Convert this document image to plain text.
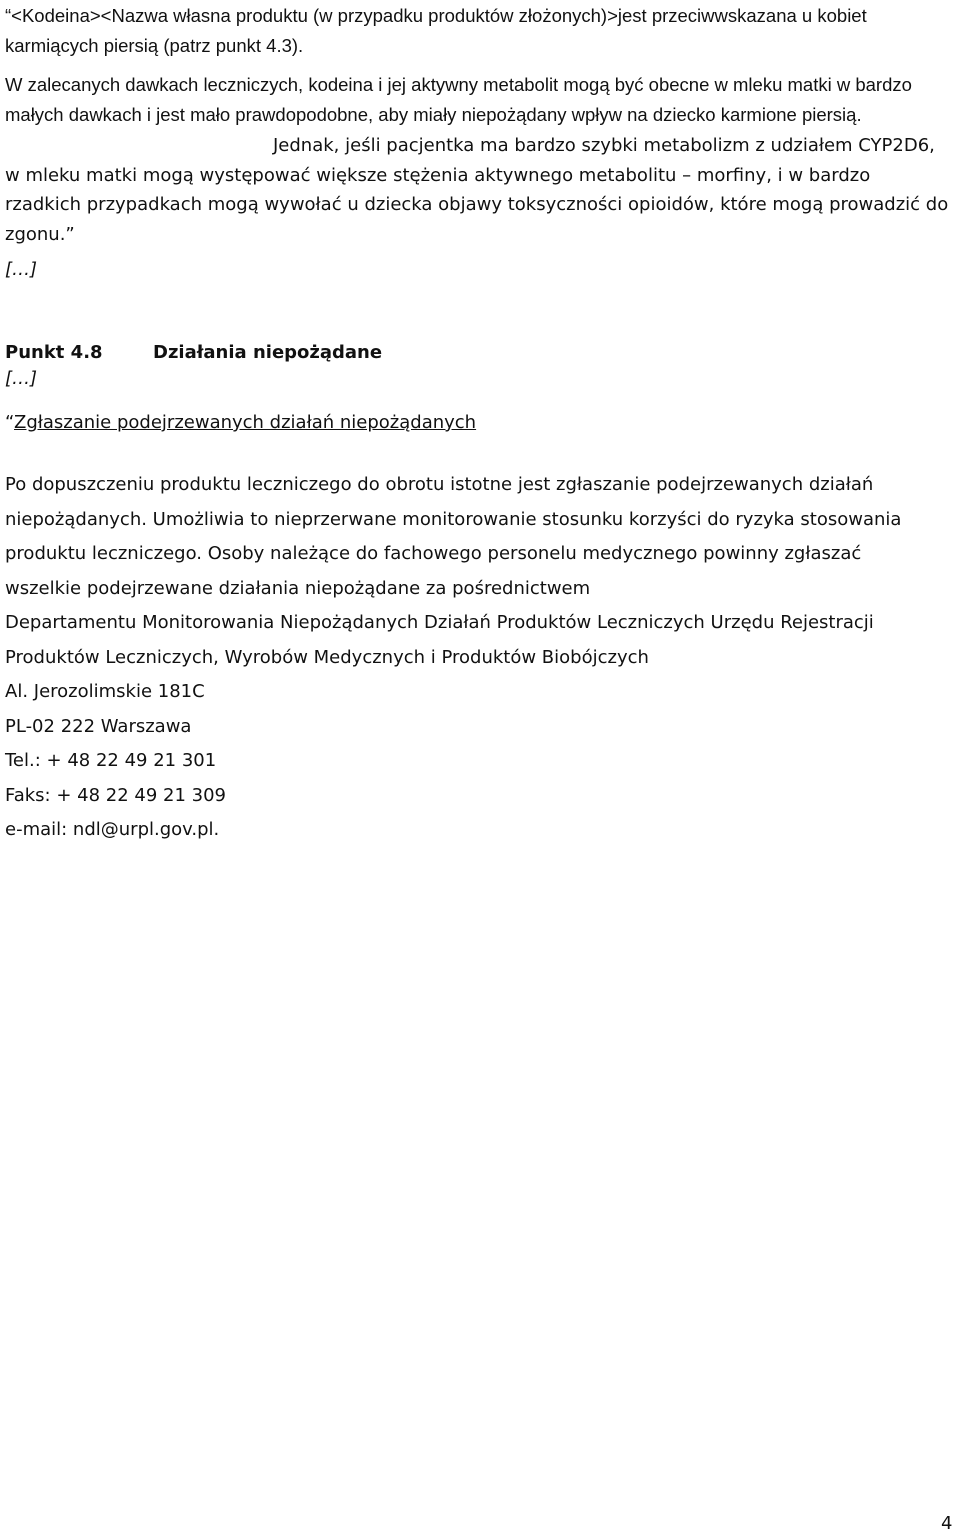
“<Kodeina><Nazwa własna produktu (w przypadku produktów złożonych)>jest przeciwwskazana u kobiet karmiących piersią (patrz punkt 4.3).

W zalecanych dawkach leczniczych, kodeina i jej aktywny metabolit mogą być obecne w mleku matki w bardzo małych dawkach i jest mało prawdopodobne, aby miały niepożądany wpływ na dziecko karmione piersią.

Jednak, jeśli pacjentka ma bardzo szybki metabolizm z udziałem CYP2D6, w mleku matki mogą występować większe stężenia aktywnego metabolitu – morfiny, i w bardzo rzadkich przypadkach mogą wywołać u dziecka objawy toksyczności opioidów, które mogą prowadzić do zgonu.”

[…]
Punkt 4.8	Działania niepożądane
[…]
“Zgłaszanie podejrzewanych działań niepożądanych
Po dopuszczeniu produktu leczniczego do obrotu istotne jest zgłaszanie podejrzewanych działań
niepożądanych. Umożliwia to nieprzerwane monitorowanie stosunku korzyści do ryzyka stosowania
produktu leczniczego. Osoby należące do fachowego personelu medycznego powinny zgłaszać
wszelkie podejrzewane działania niepożądane za pośrednictwem
Departamentu Monitorowania Niepożądanych Działań Produktów Leczniczych Urzędu Rejestracji
Produktów Leczniczych, Wyrobów Medycznych i Produktów Biobójczych
Al. Jerozolimskie 181C
PL-02 222 Warszawa
Tel.: + 48 22 49 21 301
Faks: + 48 22 49 21 309
e-mail: ndl@urpl.gov.pl.
4
